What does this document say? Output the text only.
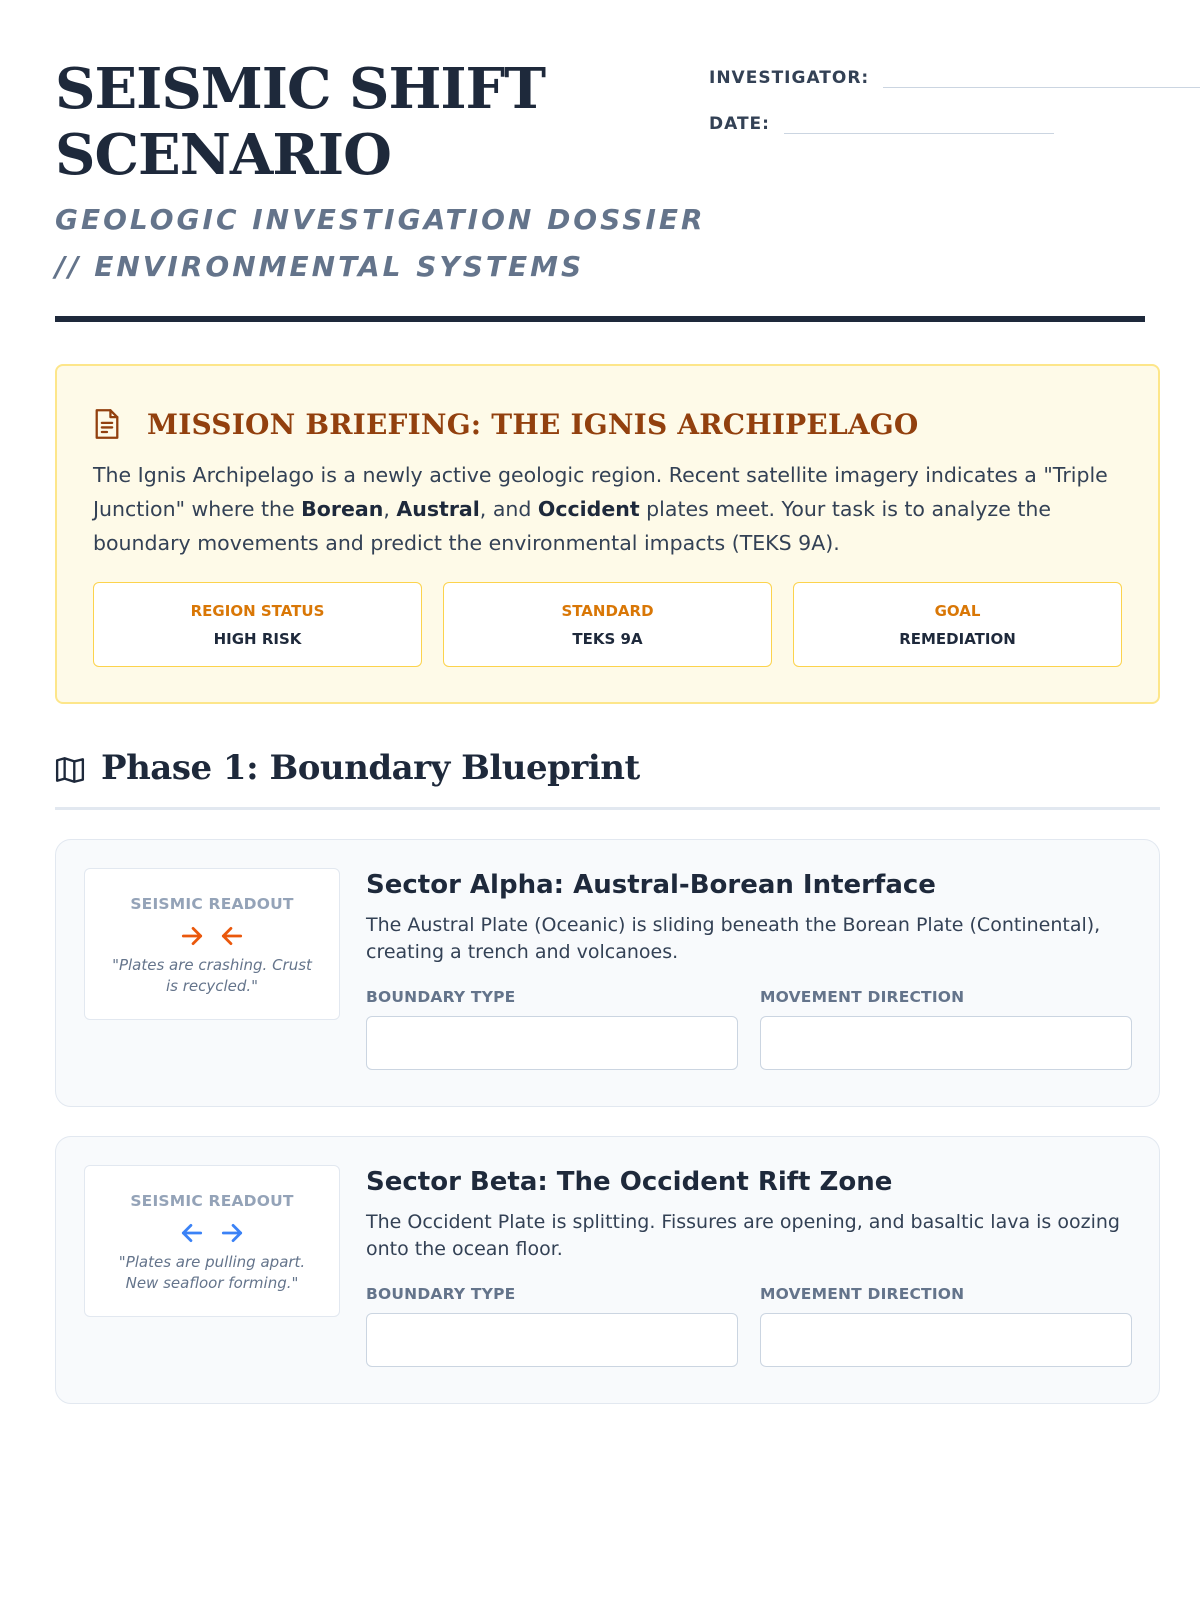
SEISMIC SHIFT
SCENARIO
GEOLOGIC INVESTIGATION DOSSIER
// ENVIRONMENTAL SYSTEMS
INVESTIGATOR:
DATE:
MISSION BRIEFING: THE IGNIS ARCHIPELAGO

The Ignis Archipelago is a newly active geologic region. Recent satellite imagery indicates a "Triple Junction" where the Borean, Austral, and Occident plates meet. Your task is to analyze the boundary movements and predict the environmental impacts (TEKS 9A).

REGION STATUS
HIGH RISK
STANDARD
TEKS 9A
GOAL
REMEDIATION
Phase 1: Boundary Blueprint
SEISMIC READOUT
"Plates are crashing. Crust
is recycled."
Sector Alpha: Austral-Borean Interface
The Austral Plate (Oceanic) is sliding beneath the Borean Plate (Continental), creating a trench and volcanoes.
BOUNDARY TYPE	MOVEMENT DIRECTION
SEISMIC READOUT
"Plates are pulling apart.
New seafloor forming."
Sector Beta: The Occident Rift Zone
The Occident Plate is splitting. Fissures are opening, and basaltic lava is oozing onto the ocean floor.
BOUNDARY TYPE	MOVEMENT DIRECTION
